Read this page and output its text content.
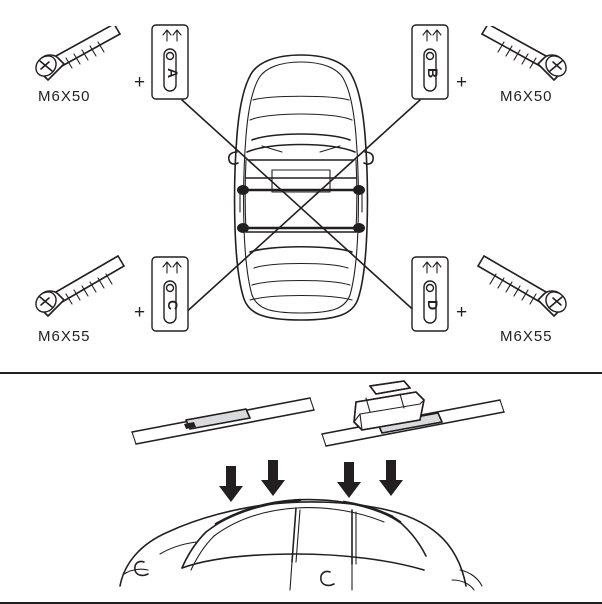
+
M6X50
A	B +
M6X50
+
M6X55
C	D +
M6X55
